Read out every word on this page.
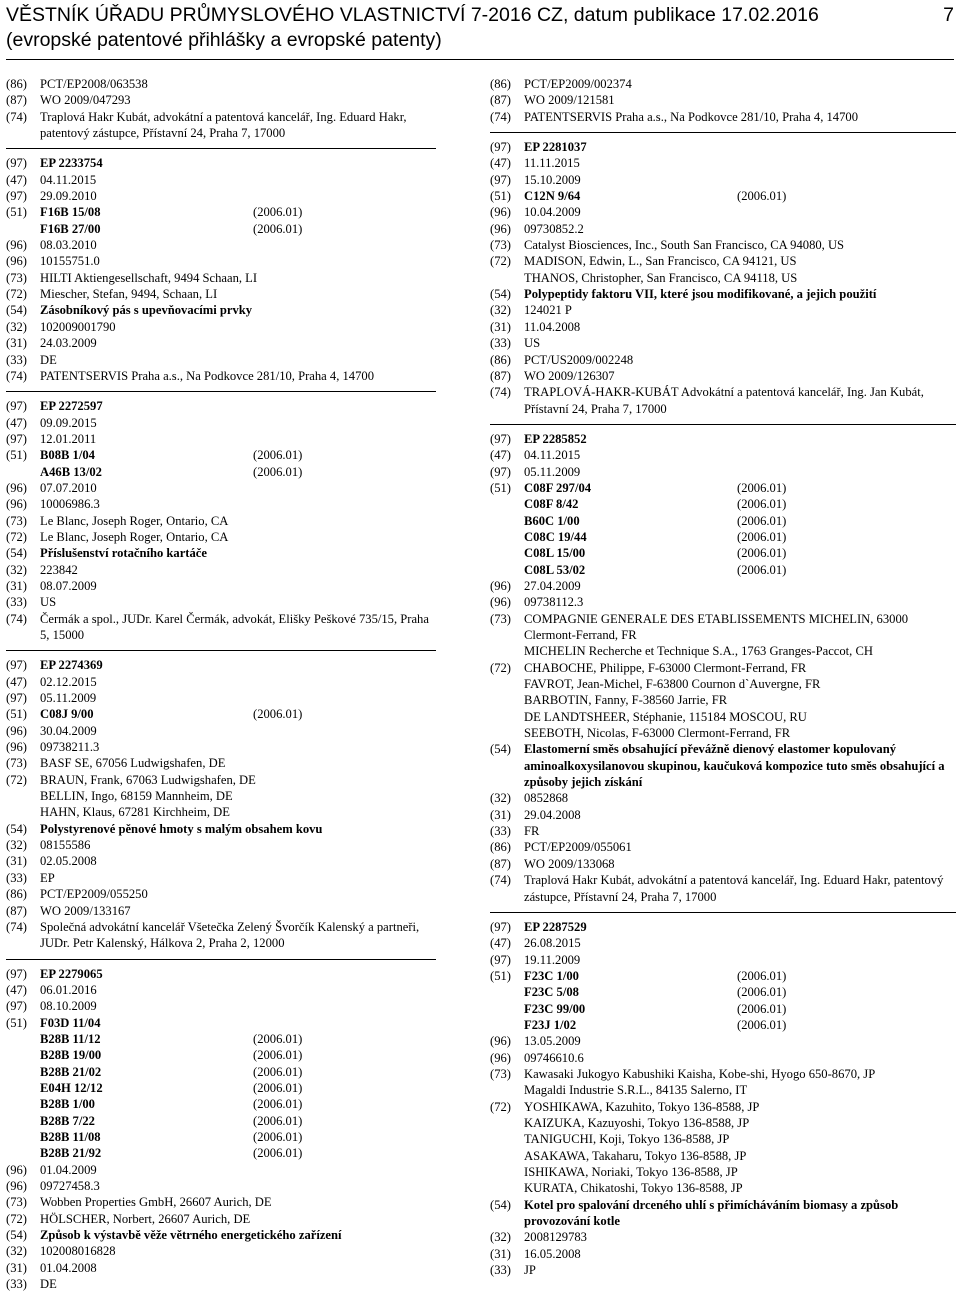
VĚSTNÍK ÚŘADU PRŮMYSLOVÉHO VLASTNICTVÍ 7-2016 CZ, datum publikace 17.02.2016
(evropské patentové přihlášky a evropské patenty)
7
(86)	PCT/EP2008/063538
(87)	WO 2009/047293
(74)	Traplová Hakr Kubát, advokátní a patentová kancelář, Ing. Eduard Hakr, patentový zástupce, Přístavní 24, Praha 7, 17000
(97)	EP 2233754
(47)	04.11.2015
(97)	29.09.2010
(51)	F16B 15/08	(2006.01)
F16B 27/00	(2006.01)
(96)	08.03.2010
(96)	10155751.0
(73)	HILTI Aktiengesellschaft, 9494 Schaan, LI
(72)	Miescher, Stefan, 9494, Schaan, LI
(54)	Zásobníkový pás s upevňovacími prvky
(32)	102009001790
(31)	24.03.2009
(33)	DE
(74)	PATENTSERVIS Praha a.s., Na Podkovce 281/10, Praha 4, 14700
(97)	EP 2272597
(47)	09.09.2015
(97)	12.01.2011
(51)	B08B 1/04	(2006.01)
A46B 13/02	(2006.01)
(96)	07.07.2010
(96)	10006986.3
(73)	Le Blanc, Joseph Roger, Ontario, CA
(72)	Le Blanc, Joseph Roger, Ontario, CA
(54)	Příslušenství rotačního kartáče
(32)	223842
(31)	08.07.2009
(33)	US
(74)	Čermák a spol., JUDr. Karel Čermák, advokát, Elišky Peškové 735/15, Praha 5, 15000
(97)	EP 2274369
(47)	02.12.2015
(97)	05.11.2009
(51)	C08J 9/00	(2006.01)
(96)	30.04.2009
(96)	09738211.3
(73)	BASF SE, 67056 Ludwigshafen, DE
(72)	BRAUN, Frank, 67063 Ludwigshafen, DE
BELLIN, Ingo, 68159 Mannheim, DE
HAHN, Klaus, 67281 Kirchheim, DE
(54)	Polystyrenové pěnové hmoty s malým obsahem kovu
(32)	08155586
(31)	02.05.2008
(33)	EP
(86)	PCT/EP2009/055250
(87)	WO 2009/133167
(74)	Společná advokátní kancelář Všetečka Zelený Švorčík Kalenský a partneři, JUDr. Petr Kalenský, Hálkova 2, Praha 2, 12000
(97)	EP 2279065
(47)	06.01.2016
(97)	08.10.2009
(51)	F03D 11/04
B28B 11/12	(2006.01)
B28B 19/00	(2006.01)
B28B 21/02	(2006.01)
E04H 12/12	(2006.01)
B28B 1/00	(2006.01)
B28B 7/22	(2006.01)
B28B 11/08	(2006.01)
B28B 21/92	(2006.01)
(96)	01.04.2009
(96)	09727458.3
(73)	Wobben Properties GmbH, 26607 Aurich, DE
(72)	HÖLSCHER, Norbert, 26607 Aurich, DE
(54)	Způsob k výstavbě věže větrného energetického zařízení
(32)	102008016828
(31)	01.04.2008
(33)	DE
(86)	PCT/EP2009/002374
(87)	WO 2009/121581
(74)	PATENTSERVIS Praha a.s., Na Podkovce 281/10, Praha 4, 14700
(97)	EP 2281037
(47)	11.11.2015
(97)	15.10.2009
(51)	C12N 9/64	(2006.01)
(96)	10.04.2009
(96)	09730852.2
(73)	Catalyst Biosciences, Inc., South San Francisco, CA 94080, US
(72)	MADISON, Edwin, L., San Francisco, CA 94121, US
THANOS, Christopher, San Francisco, CA 94118, US
(54)	Polypeptidy faktoru VII, které jsou modifikované, a jejich použití
(32)	124021 P
(31)	11.04.2008
(33)	US
(86)	PCT/US2009/002248
(87)	WO 2009/126307
(74)	TRAPLOVÁ-HAKR-KUBÁT Advokátní a patentová kancelář, Ing. Jan Kubát, Přístavní 24, Praha 7, 17000
(97)	EP 2285852
(47)	04.11.2015
(97)	05.11.2009
(51)	C08F 297/04	(2006.01)
C08F 8/42	(2006.01)
B60C 1/00	(2006.01)
C08C 19/44	(2006.01)
C08L 15/00	(2006.01)
C08L 53/02	(2006.01)
(96)	27.04.2009
(96)	09738112.3
(73)	COMPAGNIE GENERALE DES ETABLISSEMENTS MICHELIN, 63000 Clermont-Ferrand, FR
MICHELIN Recherche et Technique S.A., 1763 Granges-Paccot, CH
(72)	CHABOCHE, Philippe, F-63000 Clermont-Ferrand, FR
FAVROT, Jean-Michel, F-63800 Cournon d`Auvergne, FR
BARBOTIN, Fanny, F-38560 Jarrie, FR
DE LANDTSHEER, Stéphanie, 115184 MOSCOU, RU
SEEBOTH, Nicolas, F-63000 Clermont-Ferrand, FR
(54)	Elastomerní směs obsahující převážně dienový elastomer kopulovaný aminoalkoxysilanovou skupinou, kaučuková kompozice tuto směs obsahující a způsoby jejich získání
(32)	0852868
(31)	29.04.2008
(33)	FR
(86)	PCT/EP2009/055061
(87)	WO 2009/133068
(74)	Traplová Hakr Kubát, advokátní a patentová kancelář, Ing. Eduard Hakr, patentový zástupce, Přístavní 24, Praha 7, 17000
(97)	EP 2287529
(47)	26.08.2015
(97)	19.11.2009
(51)	F23C 1/00	(2006.01)
F23C 5/08	(2006.01)
F23C 99/00	(2006.01)
F23J 1/02	(2006.01)
(96)	13.05.2009
(96)	09746610.6
(73)	Kawasaki Jukogyo Kabushiki Kaisha, Kobe-shi, Hyogo 650-8670, JP
Magaldi Industrie S.R.L., 84135 Salerno, IT
(72)	YOSHIKAWA, Kazuhito, Tokyo 136-8588, JP
KAIZUKA, Kazuyoshi, Tokyo 136-8588, JP
TANIGUCHI, Koji, Tokyo 136-8588, JP
ASAKAWA, Takaharu, Tokyo 136-8588, JP
ISHIKAWA, Noriaki, Tokyo 136-8588, JP
KURATA, Chikatoshi, Tokyo 136-8588, JP
(54)	Kotel pro spalování drceného uhlí s přimícháváním biomasy a způsob provozování kotle
(32)	2008129783
(31)	16.05.2008
(33)	JP
